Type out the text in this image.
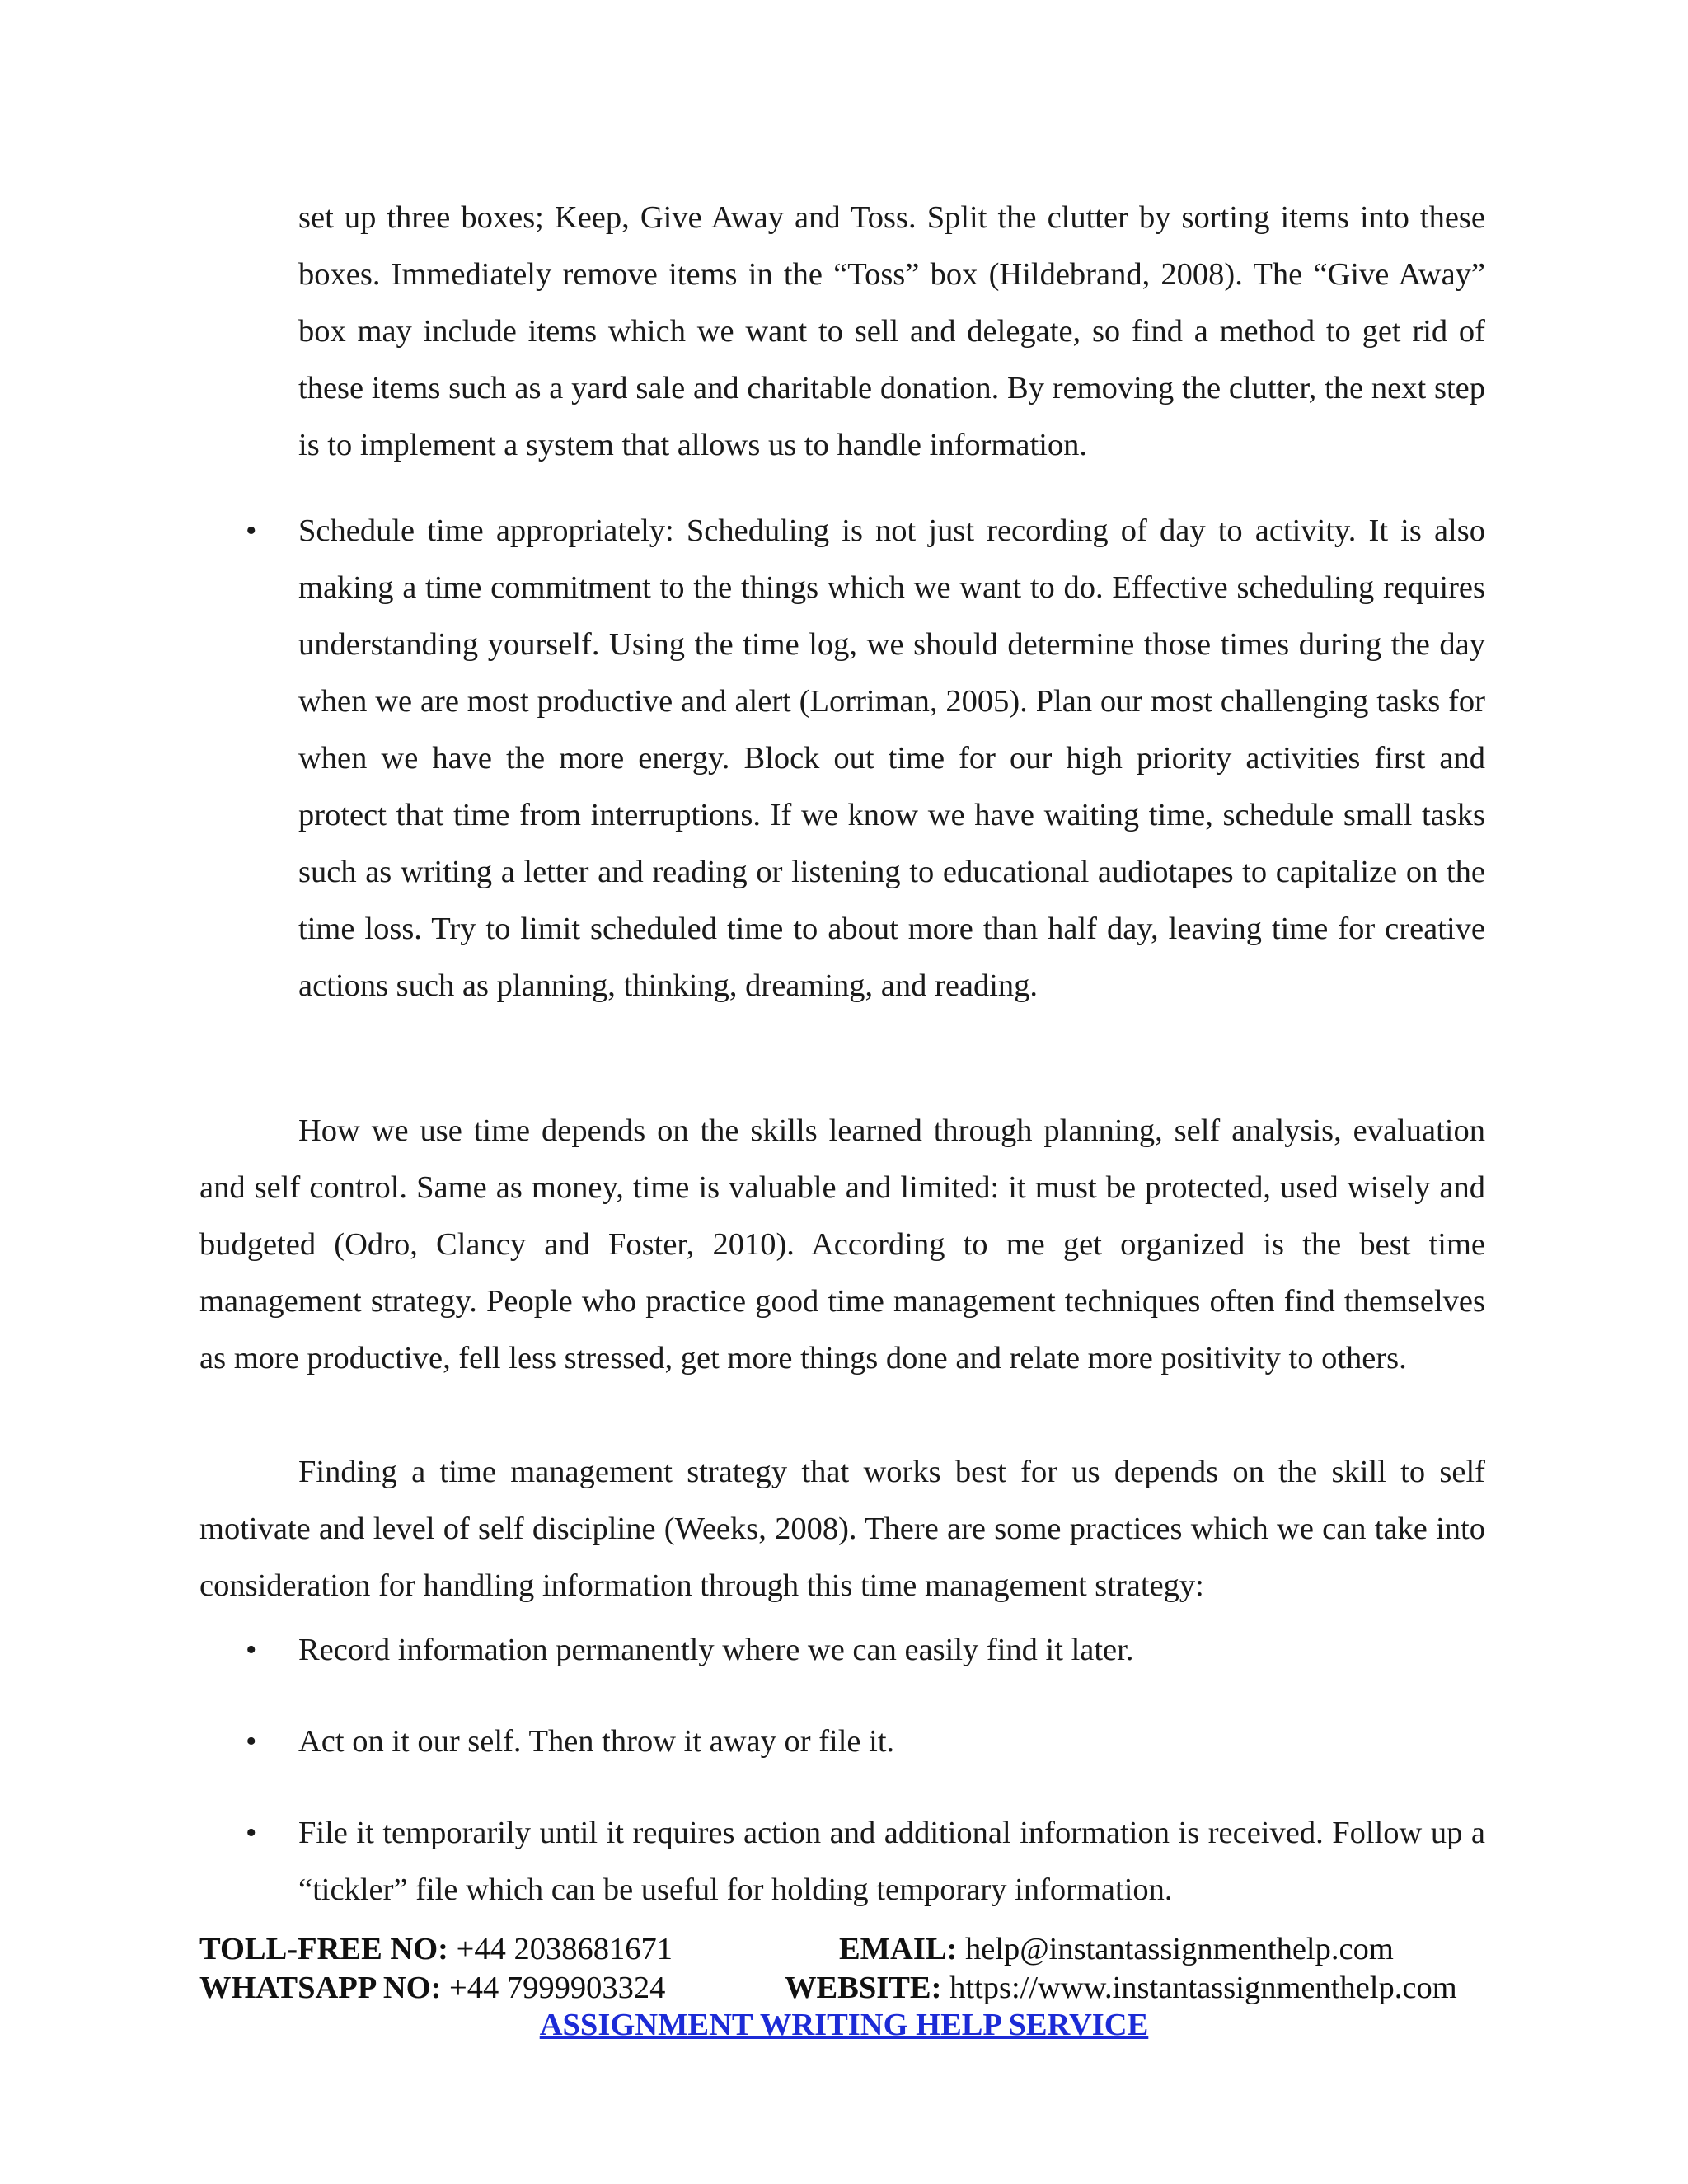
set up three boxes; Keep, Give Away and Toss. Split the clutter by sorting items into these boxes. Immediately remove items in the “Toss” box (Hildebrand, 2008). The “Give Away” box may include items which we want to sell and delegate, so find a method to get rid of these items such as a yard sale and charitable donation. By removing the clutter, the next step is to implement a system that allows us to handle information.

• Schedule time appropriately: Scheduling is not just recording of day to activity. It is also making a time commitment to the things which we want to do. Effective scheduling requires understanding yourself. Using the time log, we should determine those times during the day when we are most productive and alert (Lorriman, 2005). Plan our most challenging tasks for when we have the more energy. Block out time for our high priority activities first and protect that time from interruptions. If we know we have waiting time, schedule small tasks such as writing a letter and reading or listening to educational audiotapes to capitalize on the time loss. Try to limit scheduled time to about more than half day, leaving time for creative actions such as planning, thinking, dreaming, and reading.

How we use time depends on the skills learned through planning, self analysis, evaluation and self control. Same as money, time is valuable and limited: it must be protected, used wisely and budgeted (Odro, Clancy and Foster, 2010). According to me get organized is the best time management strategy. People who practice good time management techniques often find themselves as more productive, fell less stressed, get more things done and relate more positivity to others.

Finding a time management strategy that works best for us depends on the skill to self motivate and level of self discipline (Weeks, 2008). There are some practices which we can take into consideration for handling information through this time management strategy:

• Record information permanently where we can easily find it later.
• Act on it our self. Then throw it away or file it.
• File it temporarily until it requires action and additional information is received. Follow up a “tickler” file which can be useful for holding temporary information.
TOLL-FREE NO: +44 2038681671	EMAIL: help@instantassignmenthelp.com
WHATSAPP NO: +44 7999903324	WEBSITE: https://www.instantassignmenthelp.com
ASSIGNMENT WRITING HELP SERVICE
